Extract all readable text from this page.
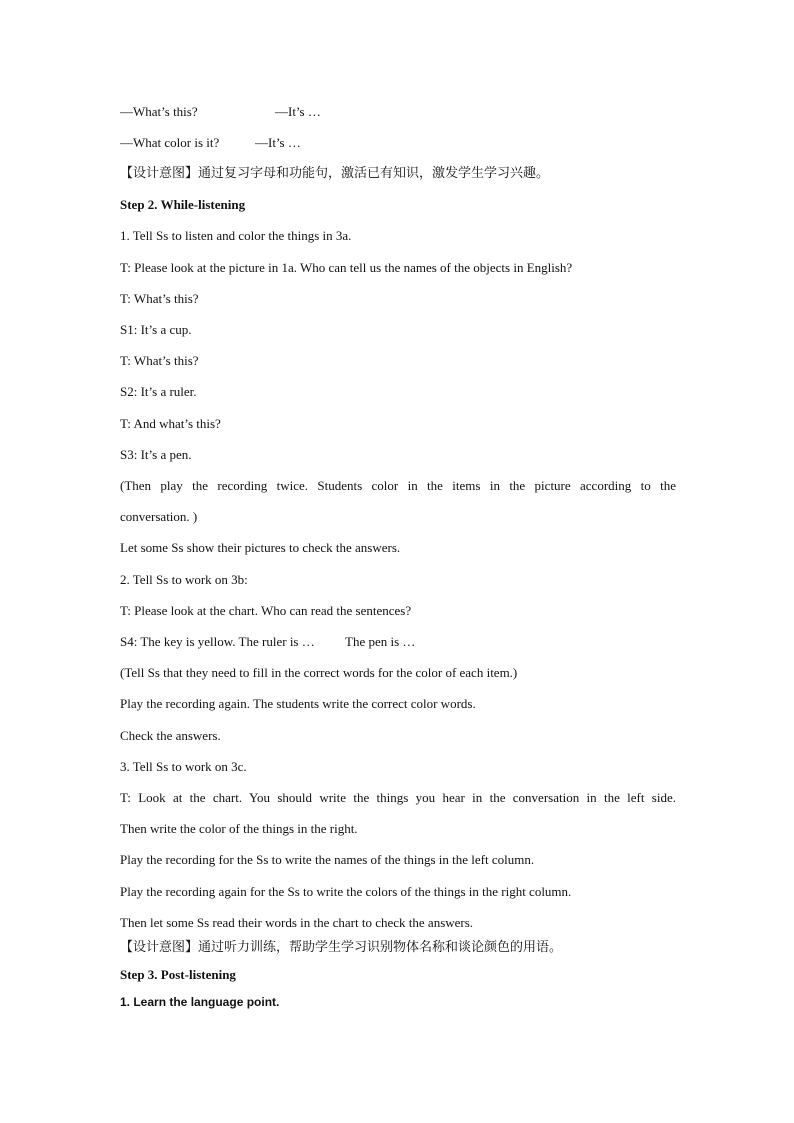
—What’s this?	—It’s …
—What color is it?	—It’s …
【设计意图】通过复习字母和功能句，激活已有知识，激发学生学习兴趣。
Step 2. While-listening
1. Tell Ss to listen and color the things in 3a.
T: Please look at the picture in 1a. Who can tell us the names of the objects in English?
T: What’s this?
S1: It’s a cup.
T: What’s this?
S2: It’s a ruler.
T: And what’s this?
S3: It’s a pen.
(Then play the recording twice. Students color in the items in the picture according to the
conversation. )
Let some Ss show their pictures to check the answers.
2. Tell Ss to work on 3b:
T: Please look at the chart. Who can read the sentences?
S4: The key is yellow. The ruler is … The pen is …
(Tell Ss that they need to fill in the correct words for the color of each item.)
Play the recording again. The students write the correct color words.
Check the answers.
3. Tell Ss to work on 3c.
T: Look at the chart. You should write the things you hear in the conversation in the left side.
Then write the color of the things in the right.
Play the recording for the Ss to write the names of the things in the left column.
Play the recording again for the Ss to write the colors of the things in the right column.
Then let some Ss read their words in the chart to check the answers.
【设计意图】通过听力训练，帮助学生学习识别物体名称和谈论颜色的用语。
Step 3. Post-listening
1. Learn the language point.
